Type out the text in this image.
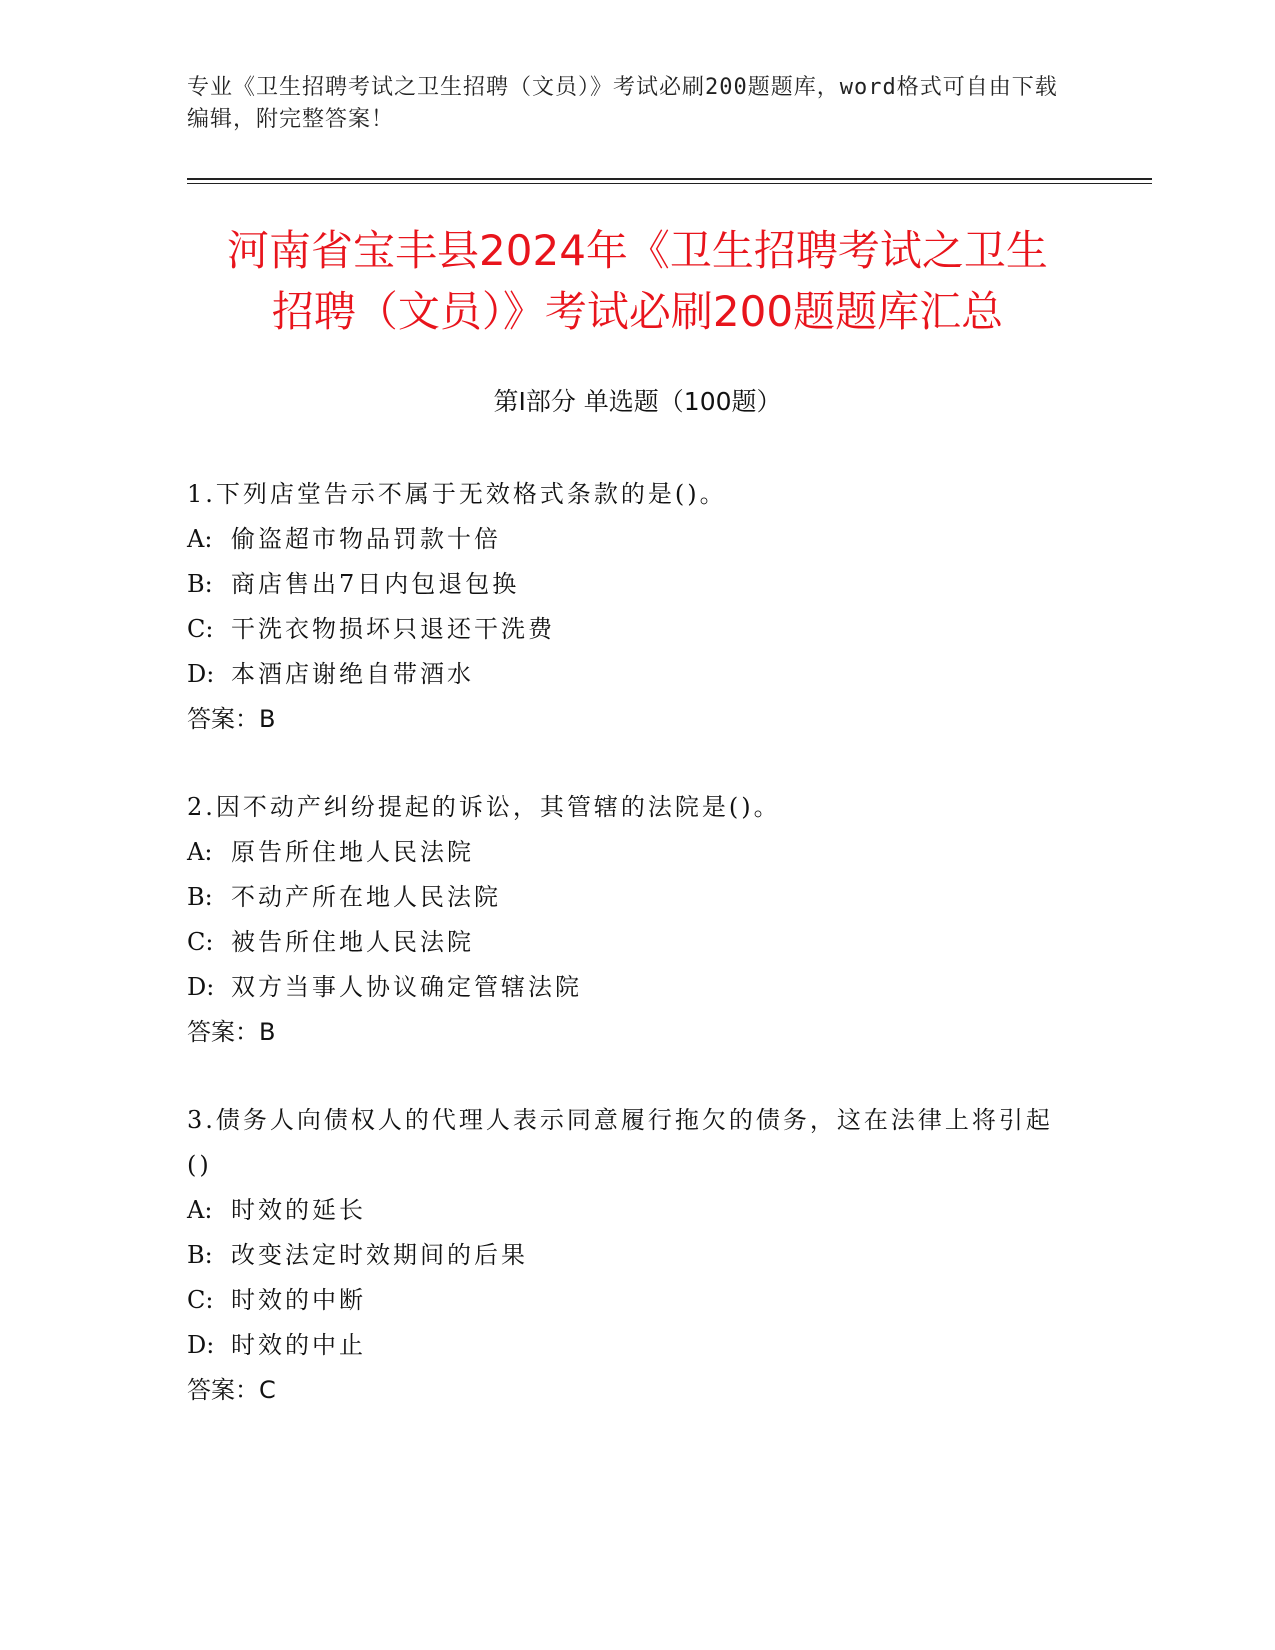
专业《卫生招聘考试之卫生招聘（文员）》考试必刷200题题库，word格式可自由下载编辑，附完整答案！
河南省宝丰县2024年《卫生招聘考试之卫生
招聘（文员）》考试必刷200题题库汇总
第I部分 单选题（100题）
1.下列店堂告示不属于无效格式条款的是()。
A: 偷盗超市物品罚款十倍
B: 商店售出7日内包退包换
C: 干洗衣物损坏只退还干洗费
D: 本酒店谢绝自带酒水
答案：B
2.因不动产纠纷提起的诉讼，其管辖的法院是()。
A: 原告所住地人民法院
B: 不动产所在地人民法院
C: 被告所住地人民法院
D: 双方当事人协议确定管辖法院
答案：B
3.债务人向债权人的代理人表示同意履行拖欠的债务，这在法律上将引起()
A: 时效的延长
B: 改变法定时效期间的后果
C: 时效的中断
D: 时效的中止
答案：C
